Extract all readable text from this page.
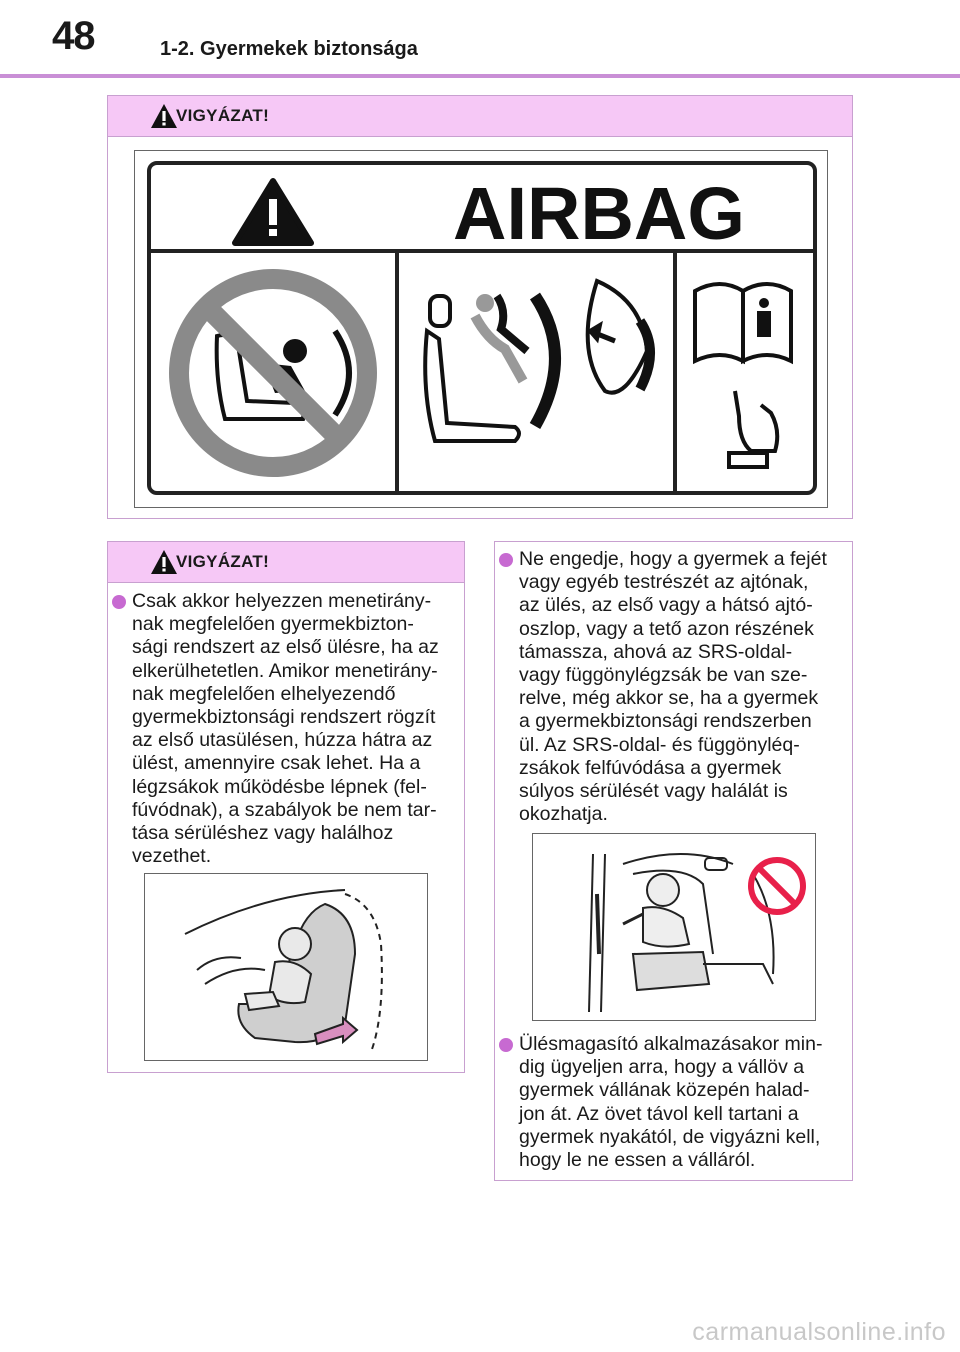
48	1-2. Gyermekek biztonsága
VIGYÁZAT!
AIRBAG
VIGYÁZAT!
Csak akkor helyezzen menetirány-
nak megfelelően gyermekbizton-
sági rendszert az első ülésre, ha az
elkerülhetetlen. Amikor menetirány-
nak megfelelően elhelyezendő
gyermekbiztonsági rendszert rögzít
az első utasülésen, húzza hátra az
ülést, amennyire csak lehet. Ha a
légzsákok működésbe lépnek (fel-
fúvódnak), a szabályok be nem tar-
tása sérüléshez vagy halálhoz
vezethet.
Ne engedje, hogy a gyermek a fejét
vagy egyéb testrészét az ajtónak,
az ülés, az első vagy a hátsó ajtó-
oszlop, vagy a tető azon részének
támassza, ahová az SRS-oldal-
vagy függönylégzsák be van sze-
relve, még akkor se, ha a gyermek
a gyermekbiztonsági rendszerben
ül. Az SRS-oldal- és függönyléq-
zsákok felfúvódása a gyermek
súlyos sérülését vagy halálát is
okozhatja.
Ülésmagasító alkalmazásakor min-
dig ügyeljen arra, hogy a vállöv a
gyermek vállának közepén halad-
jon át. Az övet távol kell tartani a
gyermek nyakától, de vigyázni kell,
hogy le ne essen a válláról.
carmanualsonline.info
